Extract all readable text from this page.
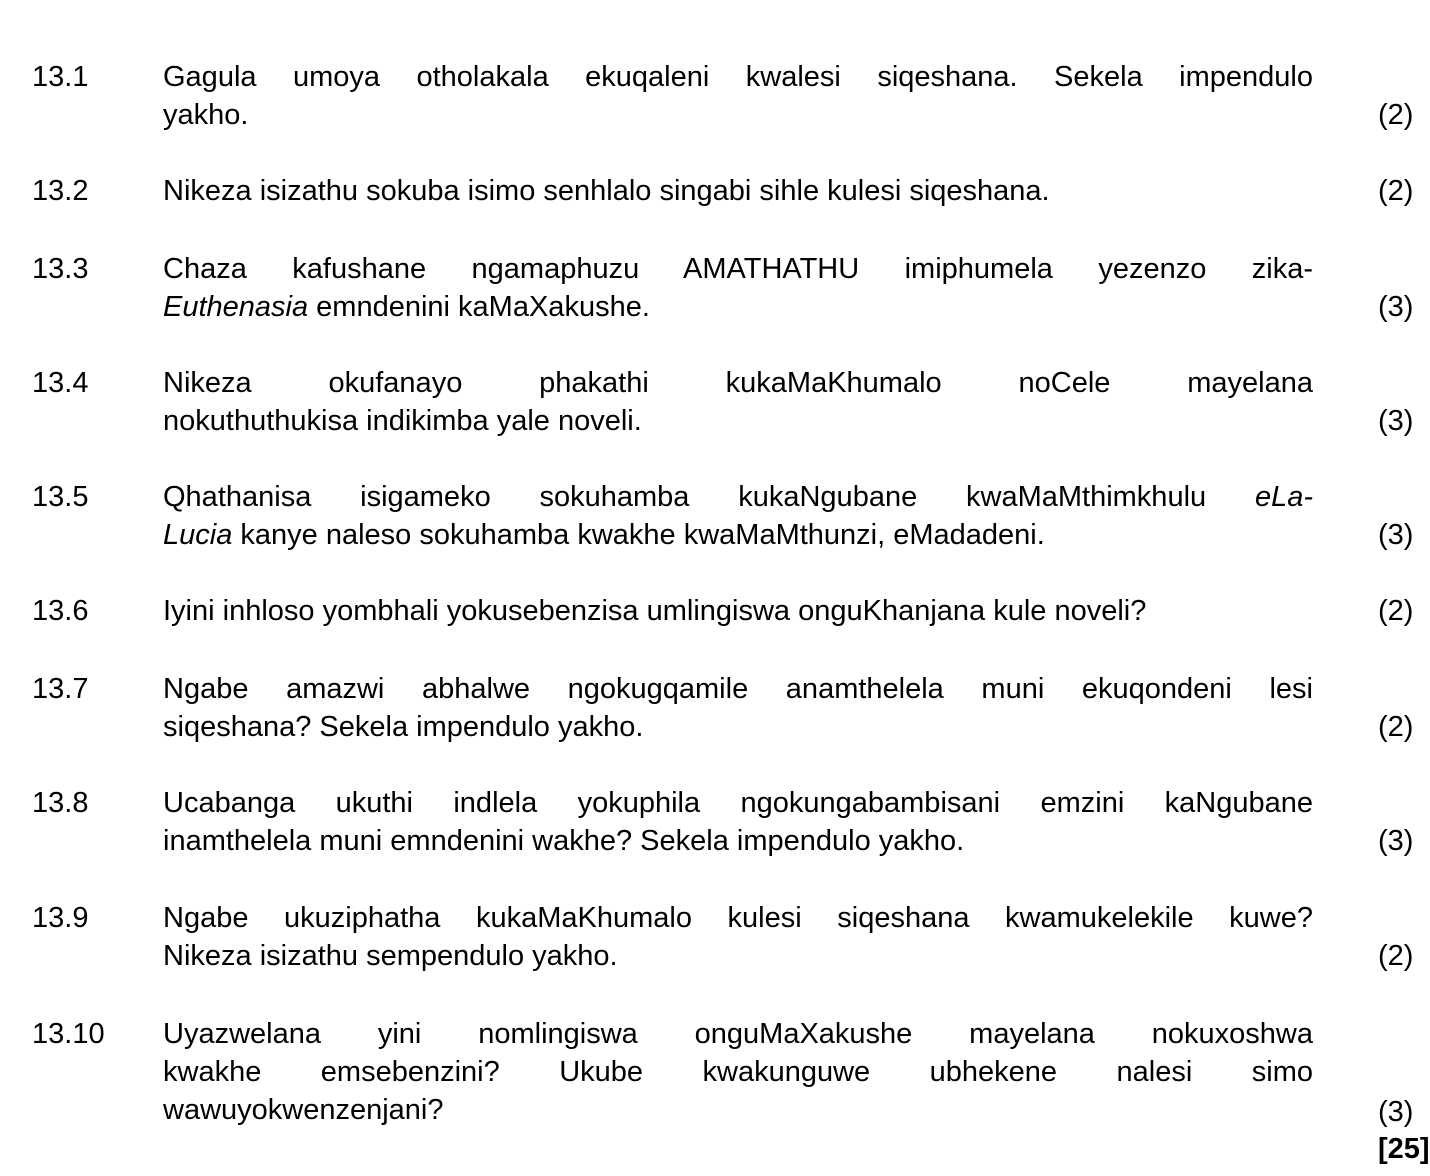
13.1	Gagula umoya otholakala ekuqaleni kwalesi siqeshana. Sekela impendulo
yakho.	(2)
13.2	Nikeza isizathu sokuba isimo senhlalo singabi sihle kulesi siqeshana.	(2)
13.3	Chaza kafushane ngamaphuzu AMATHATHU imiphumela yezenzo zika-
Euthenasia emndenini kaMaXakushe.	(3)
13.4	Nikeza okufanayo phakathi kukaMaKhumalo noCele mayelana
nokuthuthukisa indikimba yale noveli.	(3)
13.5	Qhathanisa isigameko sokuhamba kukaNgubane kwaMaMthimkhulu eLa-
Lucia kanye naleso sokuhamba kwakhe kwaMaMthunzi, eMadadeni.	(3)
13.6	Iyini inhloso yombhali yokusebenzisa umlingiswa onguKhanjana kule noveli?	(2)
13.7	Ngabe amazwi abhalwe ngokugqamile anamthelela muni ekuqondeni lesi
siqeshana? Sekela impendulo yakho.	(2)
13.8	Ucabanga ukuthi indlela yokuphila ngokungabambisani emzini kaNgubane
inamthelela muni emndenini wakhe? Sekela impendulo yakho.	(3)
13.9	Ngabe ukuziphatha kukaMaKhumalo kulesi siqeshana kwamukelekile kuwe?
Nikeza isizathu sempendulo yakho.	(2)
13.10 Uyazwelana yini nomlingiswa onguMaXakushe mayelana nokuxoshwa
kwakhe emsebenzini? Ukube kwakunguwe ubhekene nalesi simo
wawuyokwenzenjani?	(3)
[25]
